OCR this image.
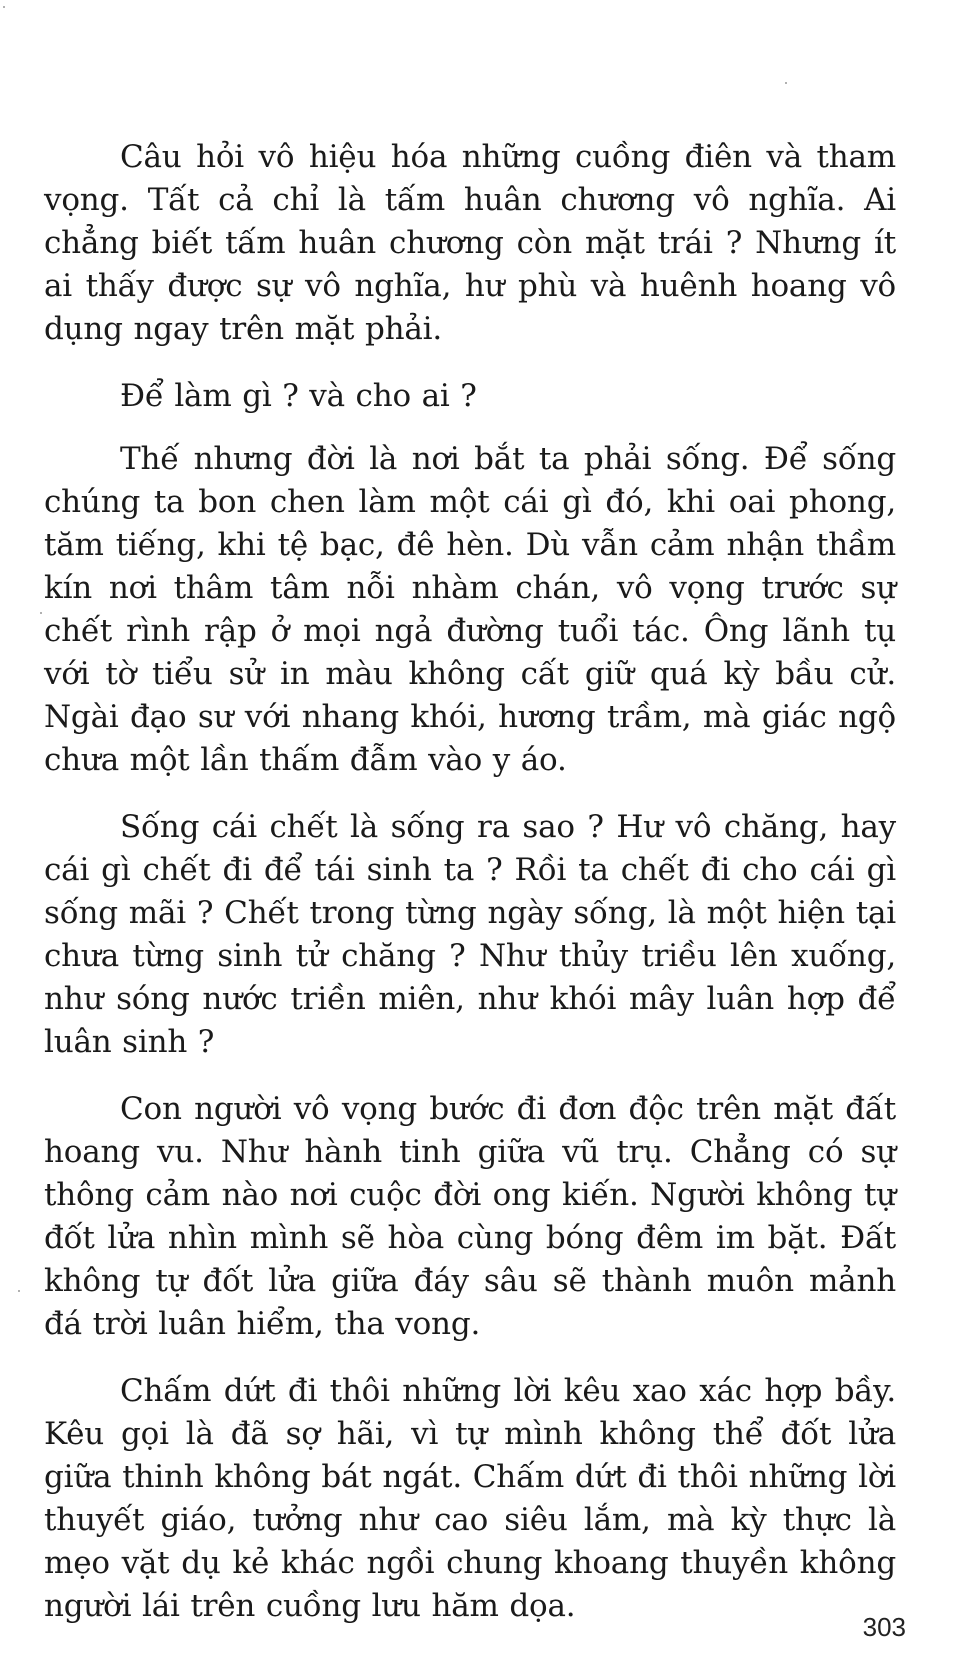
Câu hỏi vô hiệu hóa những cuồng điên và tham vọng. Tất cả chỉ là tấm huân chương vô nghĩa. Ai chẳng biết tấm huân chương còn mặt trái ? Nhưng ít ai thấy được sự vô nghĩa, hư phù và huênh hoang vô dụng ngay trên mặt phải.

Để làm gì ? và cho ai ?

Thế nhưng đời là nơi bắt ta phải sống. Để sống chúng ta bon chen làm một cái gì đó, khi oai phong, tăm tiếng, khi tệ bạc, đê hèn. Dù vẫn cảm nhận thầm kín nơi thâm tâm nỗi nhàm chán, vô vọng trước sự chết rình rập ở mọi ngả đường tuổi tác. Ông lãnh tụ với tờ tiểu sử in màu không cất giữ quá kỳ bầu cử. Ngài đạo sư với nhang khói, hương trầm, mà giác ngộ chưa một lần thấm đẫm vào y áo.

Sống cái chết là sống ra sao ? Hư vô chăng, hay cái gì chết đi để tái sinh ta ? Rồi ta chết đi cho cái gì sống mãi ? Chết trong từng ngày sống, là một hiện tại chưa từng sinh tử chăng ? Như thủy triều lên xuống, như sóng nước triền miên, như khói mây luân hợp để luân sinh ?

Con người vô vọng bước đi đơn độc trên mặt đất hoang vu. Như hành tinh giữa vũ trụ. Chẳng có sự thông cảm nào nơi cuộc đời ong kiến. Người không tự đốt lửa nhìn mình sẽ hòa cùng bóng đêm im bặt. Đất không tự đốt lửa giữa đáy sâu sẽ thành muôn mảnh đá trời luân hiểm, tha vong.

Chấm dứt đi thôi những lời kêu xao xác hợp bầy. Kêu gọi là đã sợ hãi, vì tự mình không thể đốt lửa giữa thinh không bát ngát. Chấm dứt đi thôi những lời thuyết giáo, tưởng như cao siêu lắm, mà kỳ thực là mẹo vặt dụ kẻ khác ngồi chung khoang thuyền không người lái trên cuồng lưu hăm dọa.

303
